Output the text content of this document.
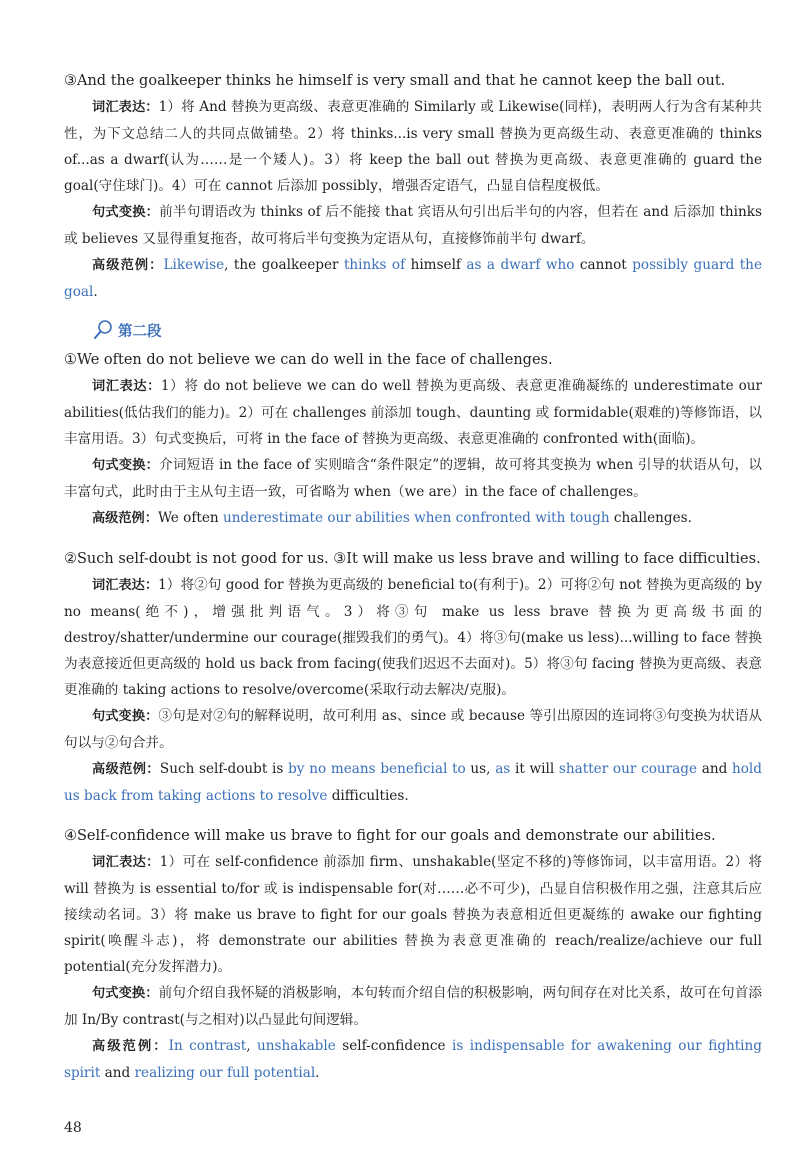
③And the goalkeeper thinks he himself is very small and that he cannot keep the ball out.

词汇表达：1）将 And 替换为更高级、表意更准确的 Similarly 或 Likewise(同样)，表明两人行为含有某种共性，为下文总结二人的共同点做铺垫。2）将 thinks...is very small 替换为更高级生动、表意更准确的 thinks of...as a dwarf(认为……是一个矮人)。3）将 keep the ball out 替换为更高级、表意更准确的 guard the goal(守住球门)。4）可在 cannot 后添加 possibly，增强否定语气，凸显自信程度极低。

句式变换：前半句谓语改为 thinks of 后不能接 that 宾语从句引出后半句的内容，但若在 and 后添加 thinks 或 believes 又显得重复拖沓，故可将后半句变换为定语从句，直接修饰前半句 dwarf。

高级范例：Likewise, the goalkeeper thinks of himself as a dwarf who cannot possibly guard the goal.

第二段

①We often do not believe we can do well in the face of challenges.

词汇表达：1）将 do not believe we can do well 替换为更高级、表意更准确凝练的 underestimate our abilities(低估我们的能力)。2）可在 challenges 前添加 tough、daunting 或 formidable(艰难的)等修饰语，以丰富用语。3）句式变换后，可将 in the face of 替换为更高级、表意更准确的 confronted with(面临)。

句式变换：介词短语 in the face of 实则暗含“条件限定”的逻辑，故可将其变换为 when 引导的状语从句，以丰富句式，此时由于主从句主语一致，可省略为 when（we are）in the face of challenges。

高级范例：We often underestimate our abilities when confronted with tough challenges.

②Such self-doubt is not good for us. ③It will make us less brave and willing to face difficulties.

词汇表达：1）将②句 good for 替换为更高级的 beneficial to(有利于)。2）可将②句 not 替换为更高级的 by no means(绝不)，增强批判语气。3）将③句 make us less brave 替换为更高级书面的 destroy/shatter/undermine our courage(摧毁我们的勇气)。4）将③句(make us less)...willing to face 替换为表意接近但更高级的 hold us back from facing(使我们迟迟不去面对)。5）将③句 facing 替换为更高级、表意更准确的 taking actions to resolve/overcome(采取行动去解决/克服)。

句式变换：③句是对②句的解释说明，故可利用 as、since 或 because 等引出原因的连词将③句变换为状语从句以与②句合并。

高级范例：Such self-doubt is by no means beneficial to us, as it will shatter our courage and hold us back from taking actions to resolve difficulties.

④Self-confidence will make us brave to fight for our goals and demonstrate our abilities.

词汇表达：1）可在 self-confidence 前添加 firm、unshakable(坚定不移的)等修饰词，以丰富用语。2）将will 替换为 is essential to/for 或 is indispensable for(对……必不可少)，凸显自信积极作用之强，注意其后应接续动名词。3）将 make us brave to fight for our goals 替换为表意相近但更凝练的 awake our fighting spirit(唤醒斗志)，将 demonstrate our abilities 替换为表意更准确的 reach/realize/achieve our full potential(充分发挥潜力)。

句式变换：前句介绍自我怀疑的消极影响，本句转而介绍自信的积极影响，两句间存在对比关系，故可在句首添加 In/By contrast(与之相对)以凸显此句间逻辑。

高级范例：In contrast, unshakable self-confidence is indispensable for awakening our fighting spirit and realizing our full potential.

48
